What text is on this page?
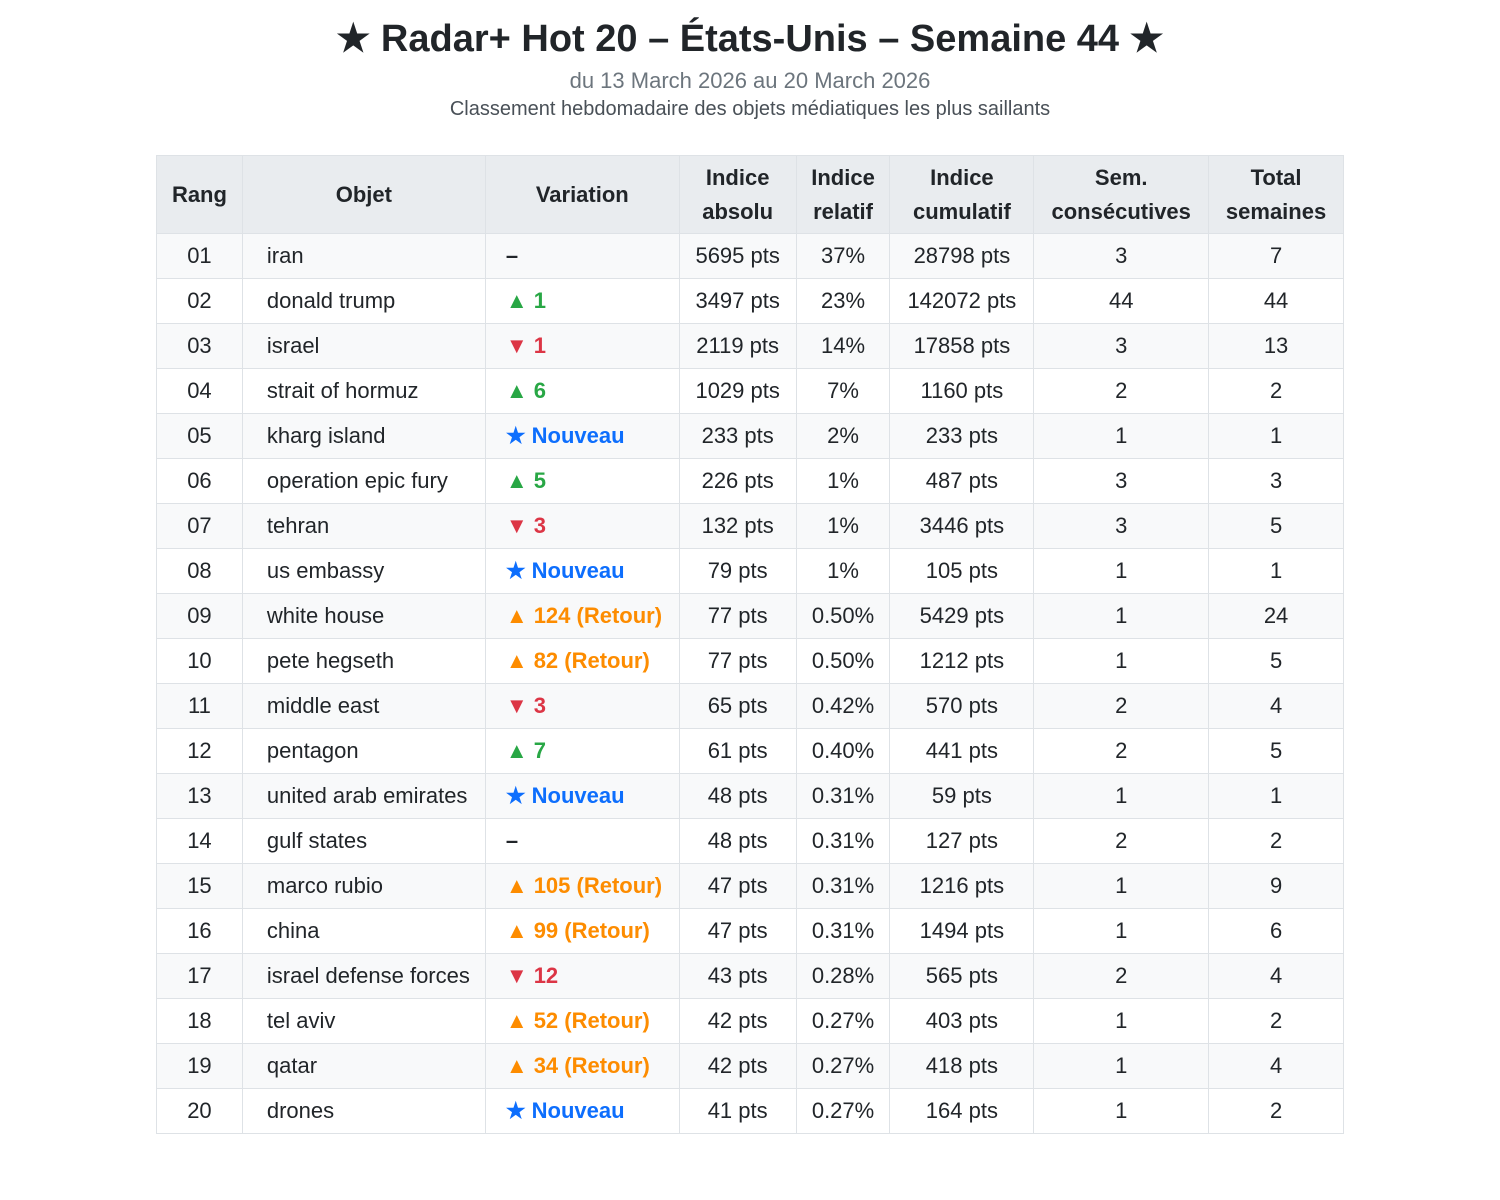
★ Radar+ Hot 20 – États-Unis – Semaine 44 ★
du 13 March 2026 au 20 March 2026
Classement hebdomadaire des objets médiatiques les plus saillants
Rang	Objet	Variation	Indice absolu	Indice relatif	Indice cumulatif	Sem. consécutives	Total semaines
01	iran	–	5695 pts	37%	28798 pts	3	7
02	donald trump	▲ 1	3497 pts	23%	142072 pts	44	44
03	israel	▼ 1	2119 pts	14%	17858 pts	3	13
04	strait of hormuz	▲ 6	1029 pts	7%	1160 pts	2	2
05	kharg island	★ Nouveau	233 pts	2%	233 pts	1	1
06	operation epic fury	▲ 5	226 pts	1%	487 pts	3	3
07	tehran	▼ 3	132 pts	1%	3446 pts	3	5
08	us embassy	★ Nouveau	79 pts	1%	105 pts	1	1
09	white house	▲ 124 (Retour)	77 pts	0.50%	5429 pts	1	24
10	pete hegseth	▲ 82 (Retour)	77 pts	0.50%	1212 pts	1	5
11	middle east	▼ 3	65 pts	0.42%	570 pts	2	4
12	pentagon	▲ 7	61 pts	0.40%	441 pts	2	5
13	united arab emirates	★ Nouveau	48 pts	0.31%	59 pts	1	1
14	gulf states	–	48 pts	0.31%	127 pts	2	2
15	marco rubio	▲ 105 (Retour)	47 pts	0.31%	1216 pts	1	9
16	china	▲ 99 (Retour)	47 pts	0.31%	1494 pts	1	6
17	israel defense forces	▼ 12	43 pts	0.28%	565 pts	2	4
18	tel aviv	▲ 52 (Retour)	42 pts	0.27%	403 pts	1	2
19	qatar	▲ 34 (Retour)	42 pts	0.27%	418 pts	1	4
20	drones	★ Nouveau	41 pts	0.27%	164 pts	1	2
